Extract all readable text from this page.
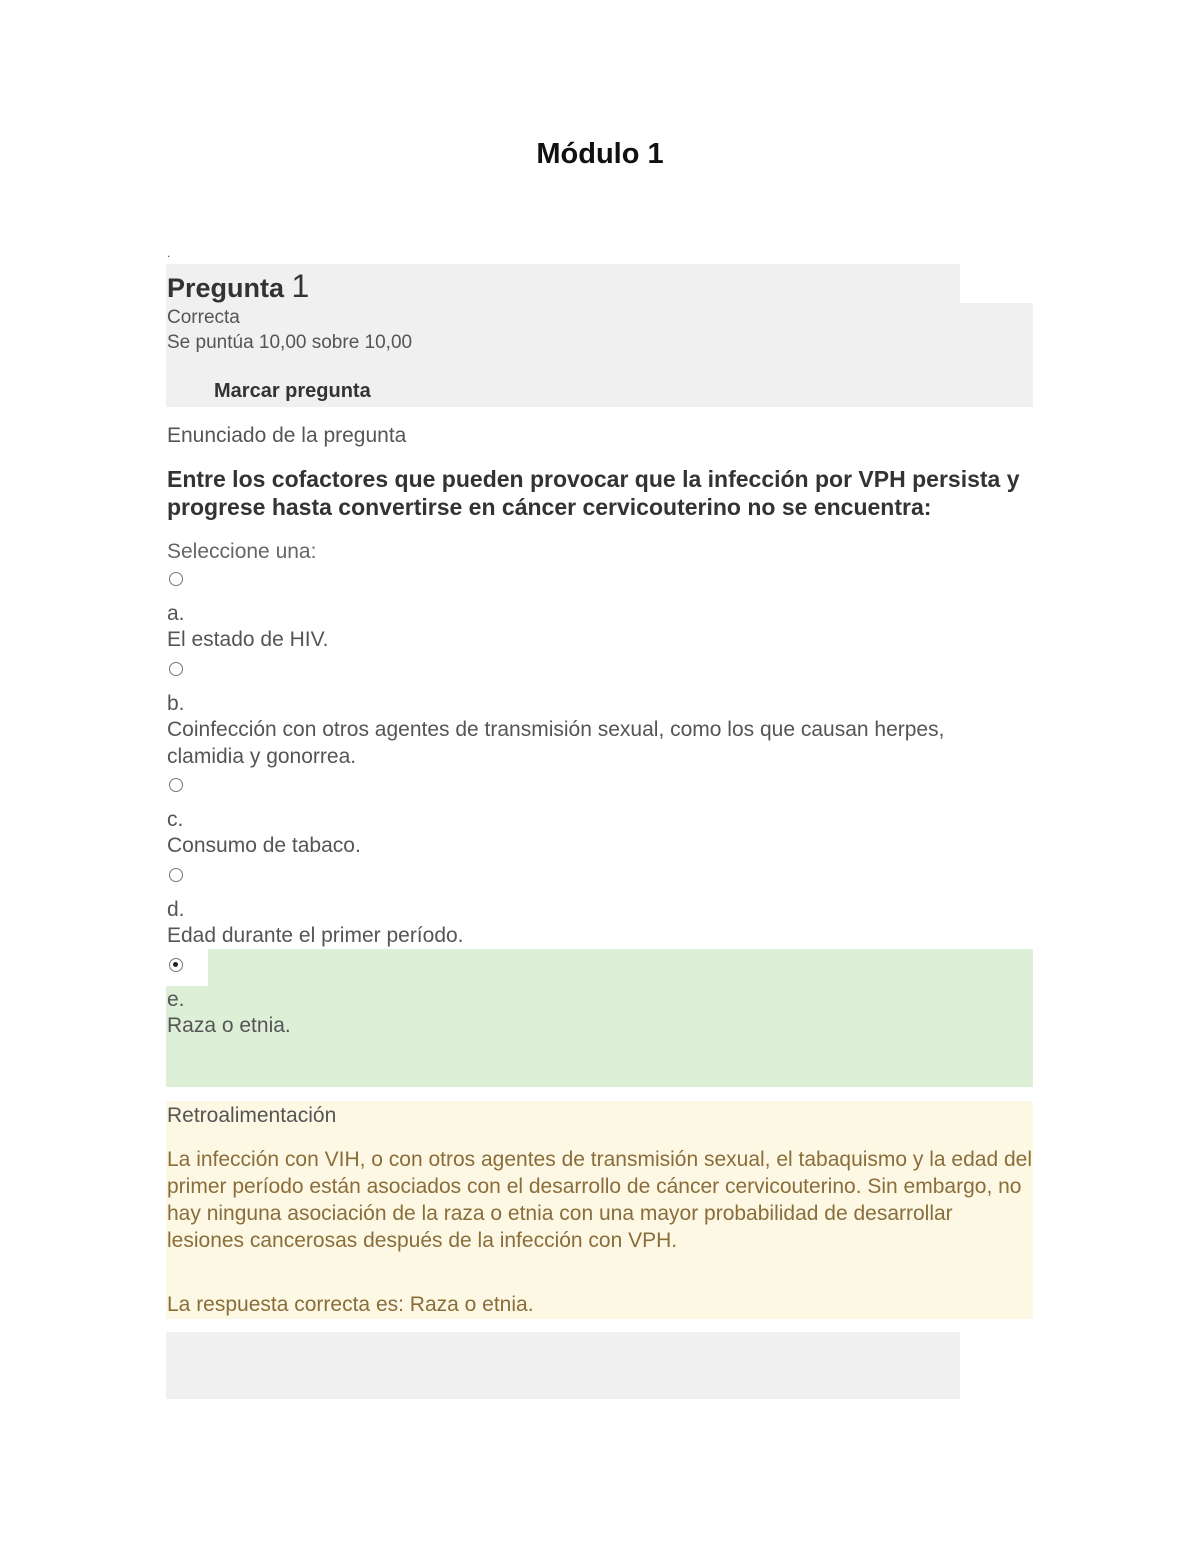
Módulo 1
.
Pregunta 1
Correcta
Se puntúa 10,00 sobre 10,00
Marcar pregunta
Enunciado de la pregunta
Entre los cofactores que pueden provocar que la infección por VPH persista y progrese hasta convertirse en cáncer cervicouterino no se encuentra:
Seleccione una:
a.
El estado de HIV.
b.
Coinfección con otros agentes de transmisión sexual, como los que causan herpes, clamidia y gonorrea.
c.
Consumo de tabaco.
d.
Edad durante el primer período.
e.
Raza o etnia.
Retroalimentación
La infección con VIH, o con otros agentes de transmisión sexual, el tabaquismo y la edad del primer período están asociados con el desarrollo de cáncer cervicouterino. Sin embargo, no hay ninguna asociación de la raza o etnia con una mayor probabilidad de desarrollar lesiones cancerosas después de la infección con VPH.
La respuesta correcta es: Raza o etnia.
